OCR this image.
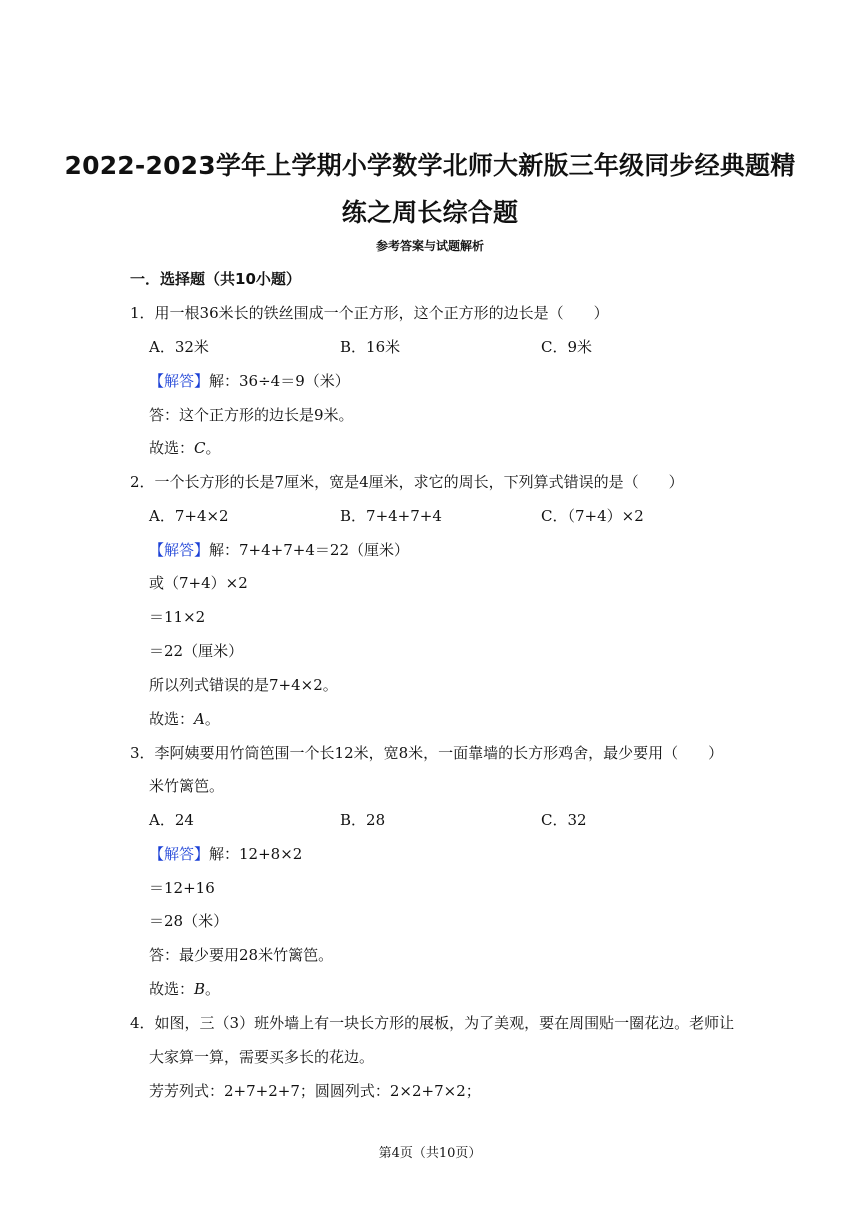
2022-2023学年上学期小学数学北师大新版三年级同步经典题精
练之周长综合题
参考答案与试题解析
一．选择题（共10小题）
1．用一根36米长的铁丝围成一个正方形，这个正方形的边长是（　　）
A．32米	B．16米	C．9米
【解答】解：36÷4＝9（米）
答：这个正方形的边长是9米。
故选：C。
2．一个长方形的长是7厘米，宽是4厘米，求它的周长，下列算式错误的是（　　）
A．7+4×2	B．7+4+7+4	C．（7+4）×2
【解答】解：7+4+7+4＝22（厘米）
或（7+4）×2
＝11×2
＝22（厘米）
所以列式错误的是7+4×2。
故选：A。
3．李阿姨要用竹筒笆围一个长12米，宽8米，一面靠墙的长方形鸡舍，最少要用（　　）
米竹篱笆。
A．24	B．28	C．32
【解答】解：12+8×2
＝12+16
＝28（米）
答：最少要用28米竹篱笆。
故选：B。
4．如图，三（3）班外墙上有一块长方形的展板，为了美观，要在周围贴一圈花边。老师让
大家算一算，需要买多长的花边。
芳芳列式：2+7+2+7；圆圆列式：2×2+7×2；
第4页（共10页）
